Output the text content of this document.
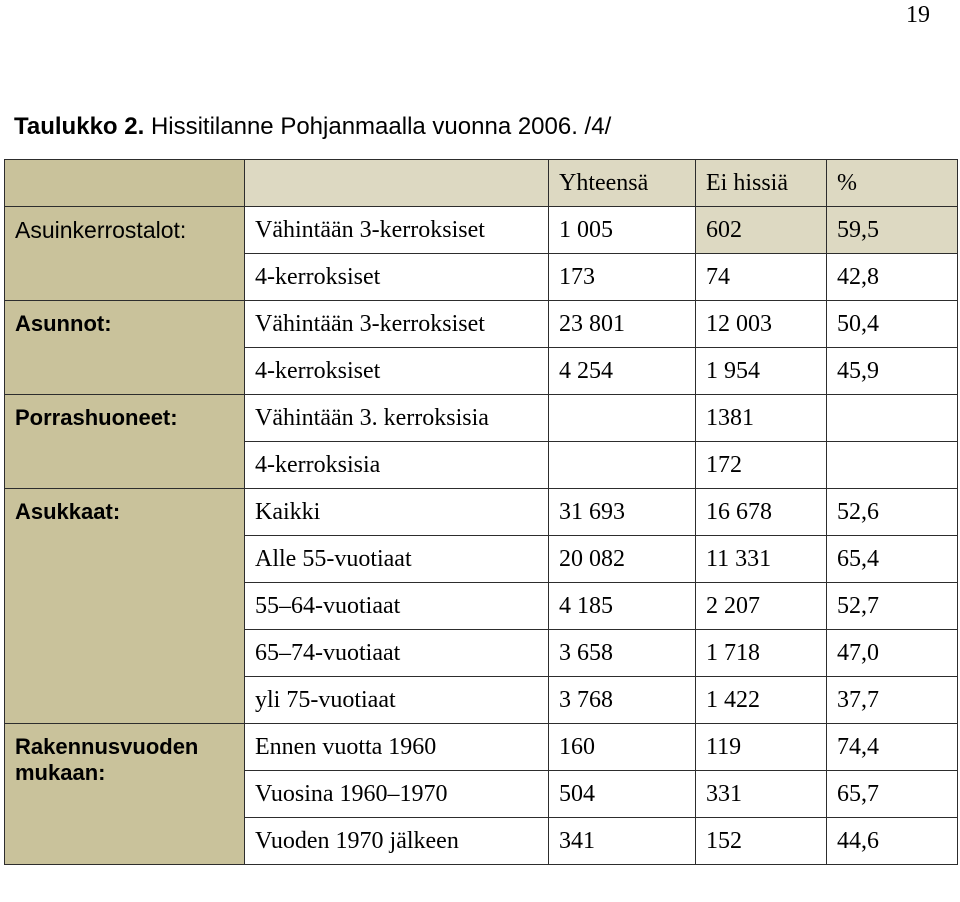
19
Taulukko 2. Hissitilanne Pohjanmaalla vuonna 2006. /4/
		Yhteensä	Ei hissiä	%
Asuinkerrostalot:	Vähintään 3-kerroksiset	1 005	602	59,5
	4-kerroksiset	173	74	42,8
Asunnot:	Vähintään 3-kerroksiset	23 801	12 003	50,4
	4-kerroksiset	4 254	1 954	45,9
Porrashuoneet:	Vähintään 3. kerroksisia		1381	
	4-kerroksisia		172	
Asukkaat:	Kaikki	31 693	16 678	52,6
	Alle 55-vuotiaat	20 082	11 331	65,4
	55–64-vuotiaat	4 185	2 207	52,7
	65–74-vuotiaat	3 658	1 718	47,0
	yli 75-vuotiaat	3 768	1 422	37,7
Rakennusvuoden mukaan:	Ennen vuotta 1960	160	119	74,4
	Vuosina 1960–1970	504	331	65,7
	Vuoden 1970 jälkeen	341	152	44,6
